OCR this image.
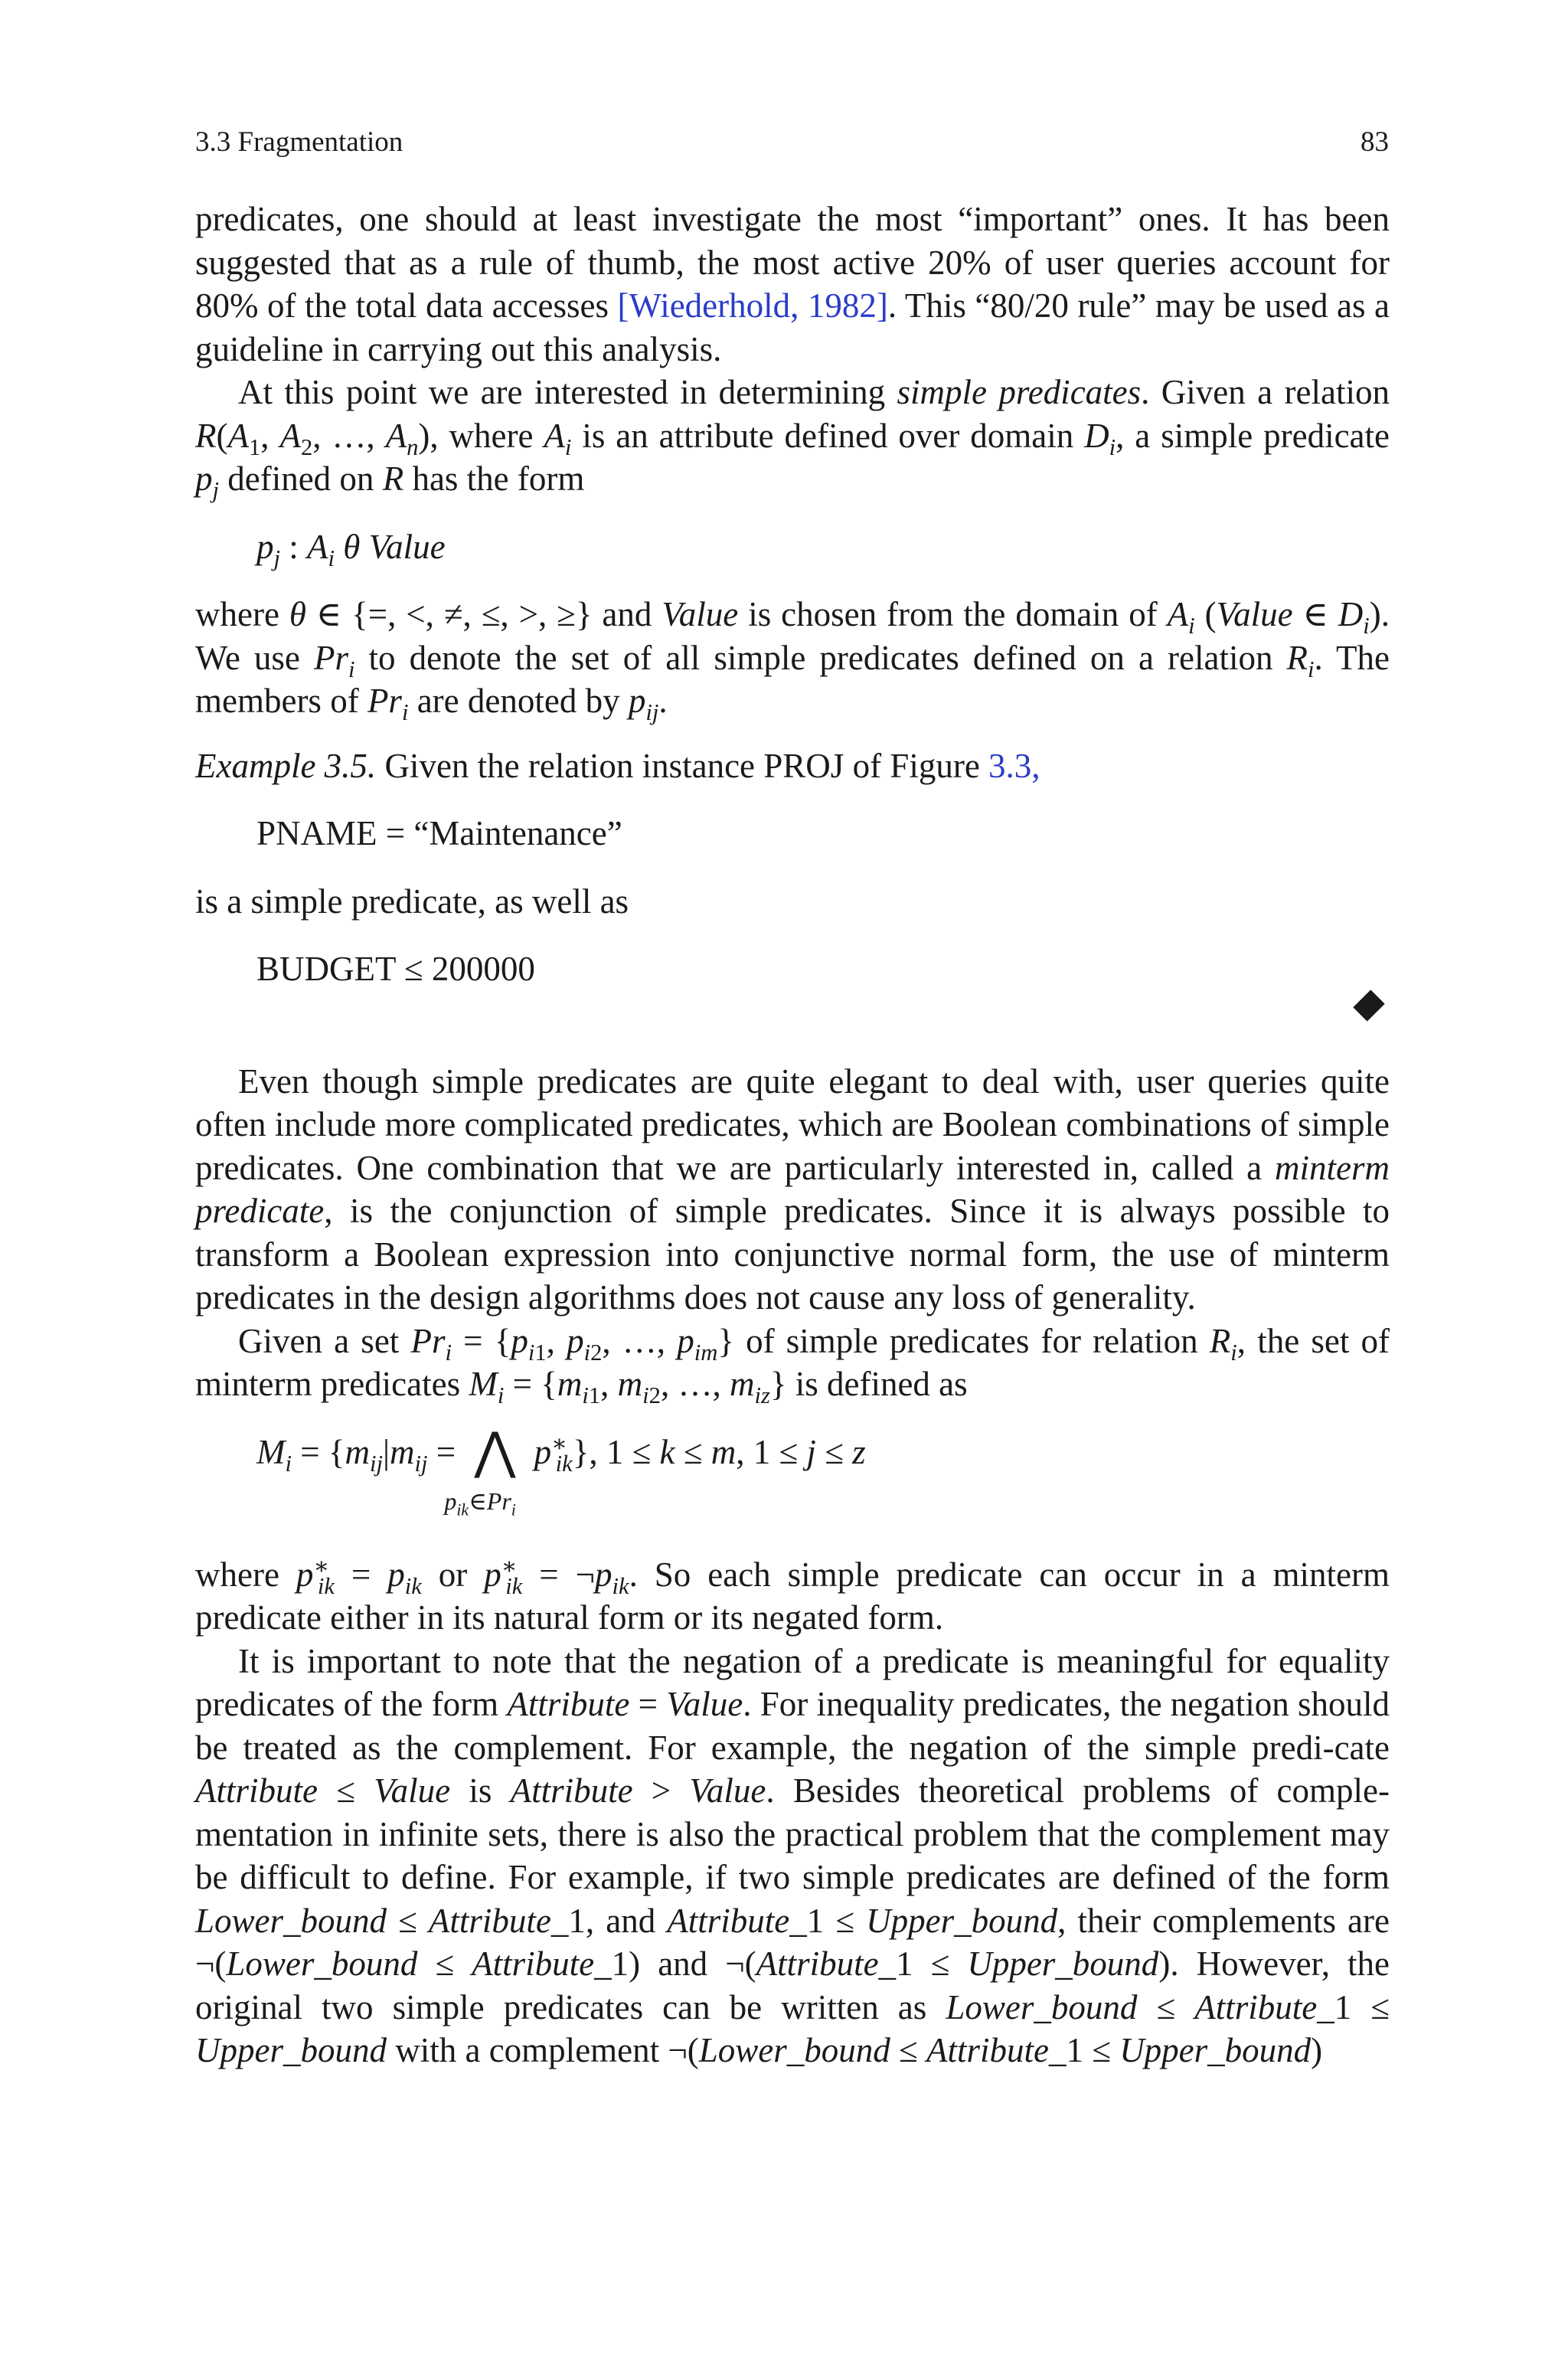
3.3 Fragmentation	83

predicates, one should at least investigate the most “important” ones. It has been suggested that as a rule of thumb, the most active 20% of user queries account for 80% of the total data accesses [Wiederhold, 1982]. This “80/20 rule” may be used as a guideline in carrying out this analysis.

At this point we are interested in determining simple predicates. Given a relation $R(A_1$, $A_2$, …, $A_n$), where $A_i$ is an attribute defined over domain $D_i$, a simple predicate $p_j$ defined on R has the form

$p_j$ : $A_i$ θ Value

where θ ∈ {=, <, ≠, ≤, >, ≥} and Value is chosen from the domain of $A_i$ (Value ∈ $D_i$). We use $Pr_i$ to denote the set of all simple predicates defined on a relation $R_i$. The members of $Pr_i$ are denoted by $p_{ij}$.

Example 3.5. Given the relation instance PROJ of Figure 3.3,

PNAME = “Maintenance”

is a simple predicate, as well as

BUDGET ≤ 200000

Even though simple predicates are quite elegant to deal with, user queries quite often include more complicated predicates, which are Boolean combinations of simple predicates. One combination that we are particularly interested in, called a minterm predicate, is the conjunction of simple predicates. Since it is always possible to transform a Boolean expression into conjunctive normal form, the use of minterm predicates in the design algorithms does not cause any loss of generality.

Given a set $Pr_i = \{p_{i1}$, $p_{i2}$, …, $p_{im}$} of simple predicates for relation $R_i$, the set of minterm predicates $M_i = \{m_{i1}$, $m_{i2}$, …, $m_{iz}$} is defined as

$M_i = \{m_{ij}|m_{ij}$ = ⋀
$p_{ik}\in Pr_i$
$p^∗_{ik}$}, 1 ≤ k ≤ m, 1 ≤ j ≤ z

where $p^∗_{ik} = p_{ik}$ or $p^∗_{ik}$ = $\neg p_{ik}$. So each simple predicate can occur in a minterm predicate either in its natural form or its negated form.

It is important to note that the negation of a predicate is meaningful for equality predicates of the form Attribute = Value. For inequality predicates, the negation should be treated as the complement. For example, the negation of the simple predi-cate Attribute ≤ Value is Attribute > Value. Besides theoretical problems of comple-mentation in infinite sets, there is also the practical problem that the complement may be difficult to define. For example, if two simple predicates are defined of the form Lower_bound ≤ Attribute_1, and Attribute_1 ≤ Upper_bound, their complements are ¬(Lower_bound ≤ Attribute_1) and ¬(Attribute_1 ≤ Upper_bound). However, the original two simple predicates can be written as Lower_bound ≤ Attribute_1 ≤ Upper_bound with a complement ¬(Lower_bound ≤ Attribute_1 ≤ Upper_bound)
